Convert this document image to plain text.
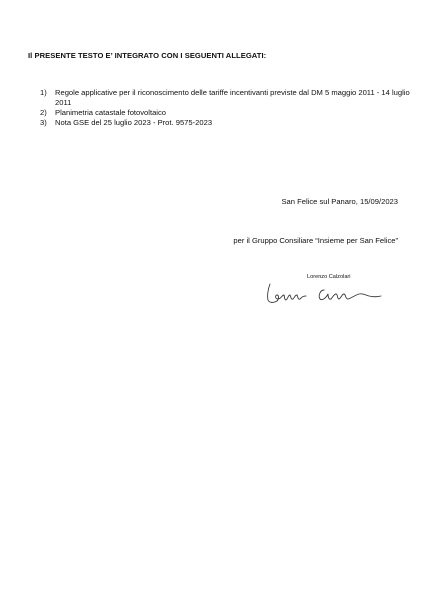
Il PRESENTE TESTO E’ INTEGRATO CON I SEGUENTI ALLEGATI:
1) Regole applicative per il riconoscimento delle tariffe incentivanti previste dal DM 5 maggio 2011 - 14 luglio 2011
2) Planimetria catastale fotovoltaico
3) Nota GSE del 25 luglio 2023 - Prot. 9575-2023
San Felice sul Panaro, 15/09/2023
per il Gruppo Consiliare “Insieme per San Felice”
Lorenzo Calzolari
